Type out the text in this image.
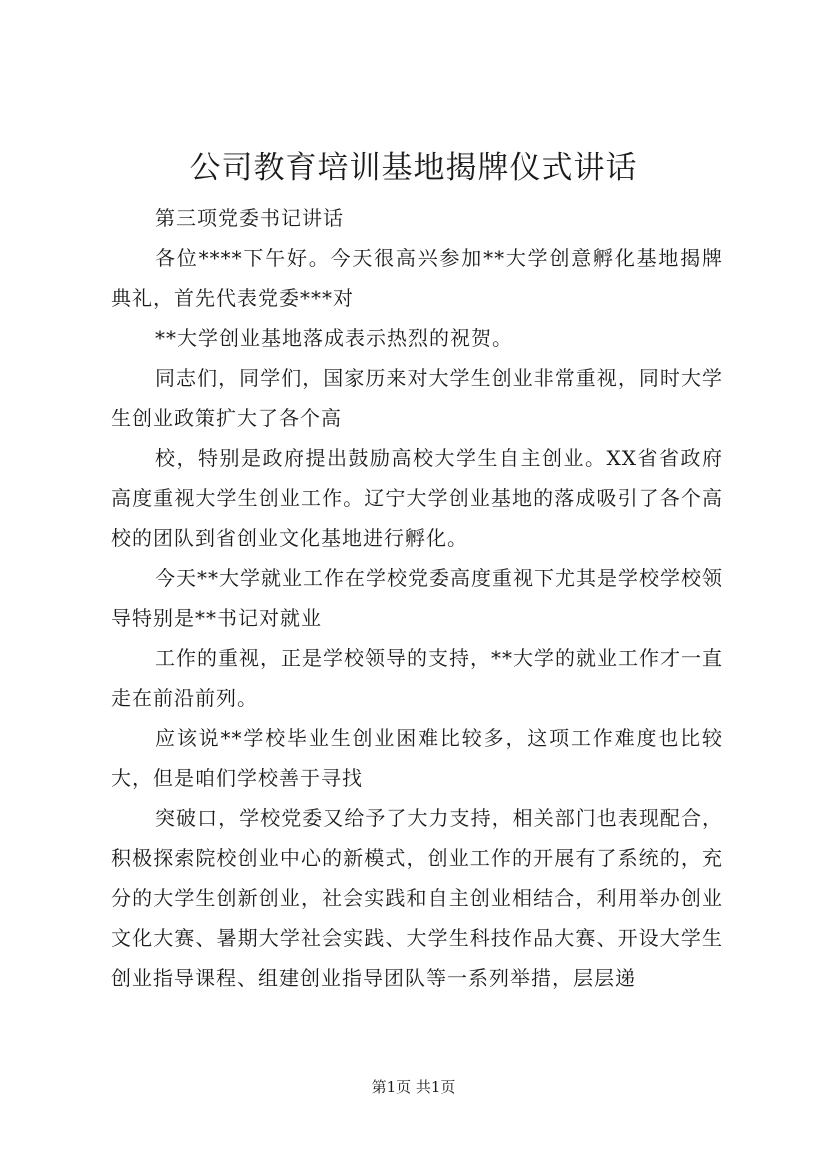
公司教育培训基地揭牌仪式讲话

第三项党委书记讲话

各位****下午好。今天很高兴参加**大学创意孵化基地揭牌典礼，首先代表党委***对

**大学创业基地落成表示热烈的祝贺。

同志们，同学们，国家历来对大学生创业非常重视，同时大学生创业政策扩大了各个高

校，特别是政府提出鼓励高校大学生自主创业。XX省省政府高度重视大学生创业工作。辽宁大学创业基地的落成吸引了各个高校的团队到省创业文化基地进行孵化。

今天**大学就业工作在学校党委高度重视下尤其是学校学校领导特别是**书记对就业

工作的重视，正是学校领导的支持，**大学的就业工作才一直走在前沿前列。

应该说**学校毕业生创业困难比较多，这项工作难度也比较大，但是咱们学校善于寻找

突破口，学校党委又给予了大力支持，相关部门也表现配合，积极探索院校创业中心的新模式，创业工作的开展有了系统的，充分的大学生创新创业，社会实践和自主创业相结合，利用举办创业文化大赛、暑期大学社会实践、大学生科技作品大赛、开设大学生创业指导课程、组建创业指导团队等一系列举措，层层递

第1页 共1页
